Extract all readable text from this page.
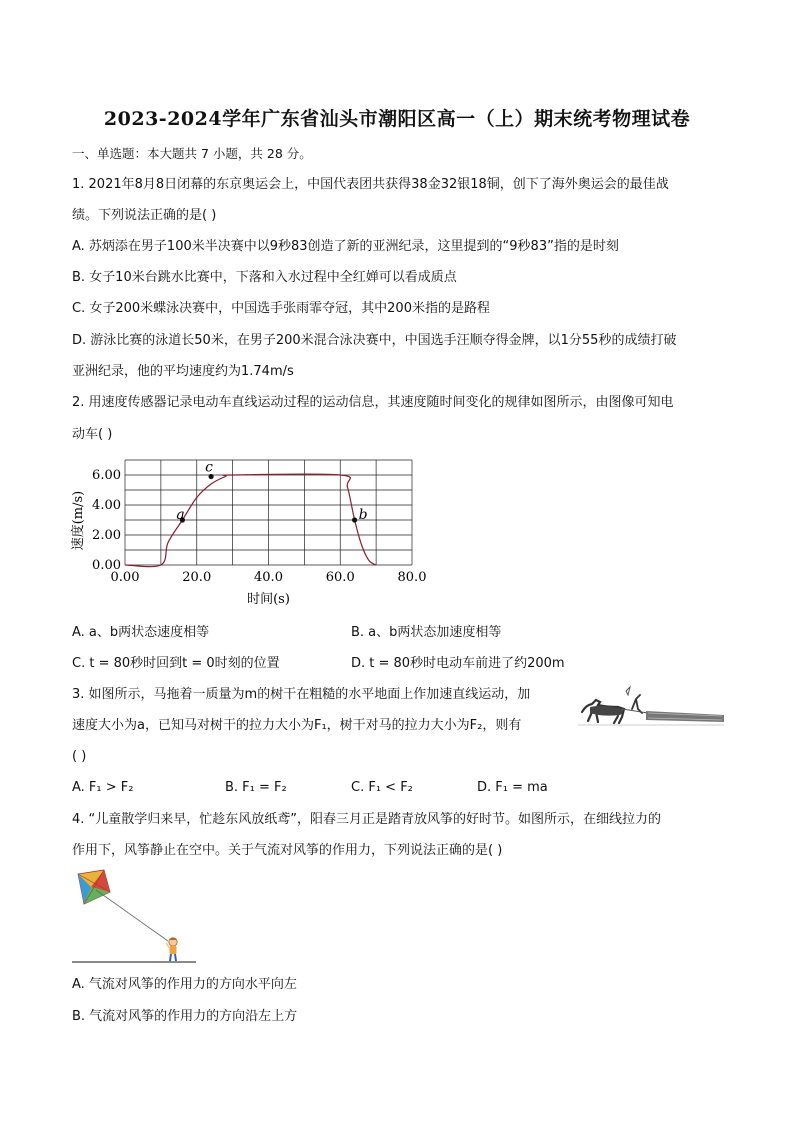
2023-2024学年广东省汕头市潮阳区高一（上）期末统考物理试卷
一、单选题：本大题共 7 小题，共 28 分。
1. 2021年8月8日闭幕的东京奥运会上，中国代表团共获得38金32银18铜，创下了海外奥运会的最佳战
绩。下列说法正确的是( )
A. 苏炳添在男子100米半决赛中以9秒83创造了新的亚洲纪录，这里提到的“9秒83”指的是时刻
B. 女子10米台跳水比赛中，下落和入水过程中全红婵可以看成质点
C. 女子200米蝶泳决赛中，中国选手张雨霏夺冠，其中200米指的是路程
D. 游泳比赛的泳道长50米，在男子200米混合泳决赛中，中国选手汪顺夺得金牌，以1分55秒的成绩打破
亚洲纪录，他的平均速度约为1.74m/s
2. 用速度传感器记录电动车直线运动过程的运动信息，其速度随时间变化的规律如图所示，由图像可知电
动车( )
a
c
b
0.00	20.0	40.0	60.0	80.0
0.00
2.00
4.00
6.00
时间(s)
速度(m/s)
A. a、b两状态速度相等	B. a、b两状态加速度相等
C. t = 80秒时回到t = 0时刻的位置	D. t = 80秒时电动车前进了约200m
3. 如图所示，马拖着一质量为m的树干在粗糙的水平地面上作加速直线运动，加
速度大小为a，已知马对树干的拉力大小为F₁，树干对马的拉力大小为F₂，则有
( )
A. F₁ > F₂	B. F₁ = F₂	C. F₁ < F₂	D. F₁ = ma
4. “儿童散学归来早，忙趁东风放纸鸢”，阳春三月正是踏青放风筝的好时节。如图所示，在细线拉力的
作用下，风筝静止在空中。关于气流对风筝的作用力，下列说法正确的是( )
A. 气流对风筝的作用力的方向水平向左
B. 气流对风筝的作用力的方向沿左上方
